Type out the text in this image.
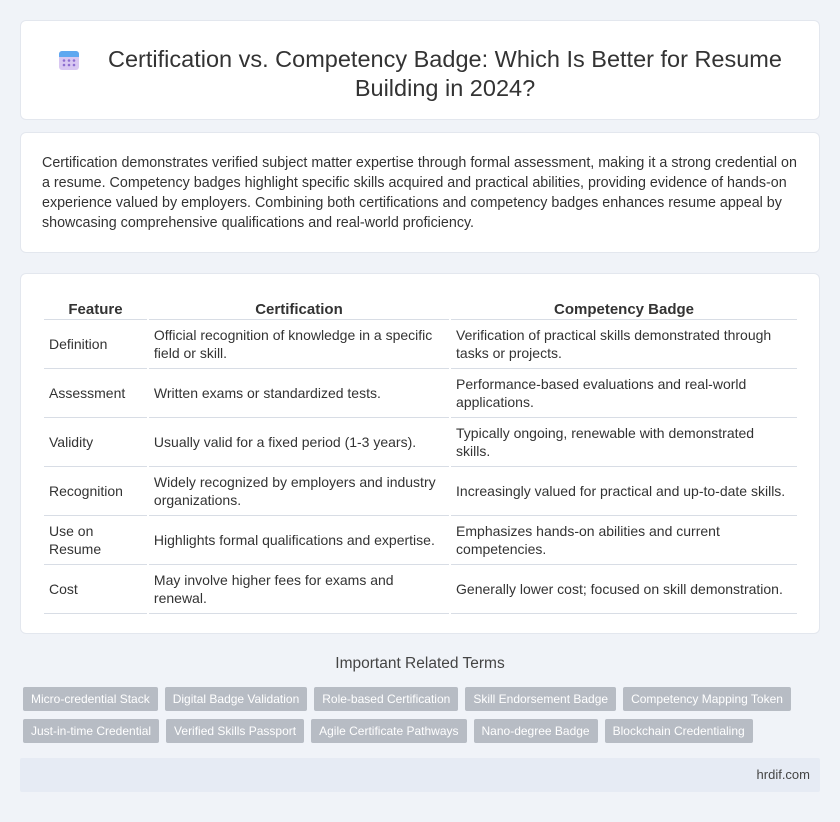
Certification vs. Competency Badge: Which Is Better for Resume Building in 2024?

Certification demonstrates verified subject matter expertise through formal assessment, making it a strong credential on a resume. Competency badges highlight specific skills acquired and practical abilities, providing evidence of hands-on experience valued by employers. Combining both certifications and competency badges enhances resume appeal by showcasing comprehensive qualifications and real-world proficiency.

Feature	Certification	Competency Badge
Definition	Official recognition of knowledge in a specific field or skill.	Verification of practical skills demonstrated through tasks or projects.
Assessment	Written exams or standardized tests.	Performance-based evaluations and real-world applications.
Validity	Usually valid for a fixed period (1-3 years).	Typically ongoing, renewable with demonstrated skills.
Recognition	Widely recognized by employers and industry organizations.	Increasingly valued for practical and up-to-date skills.
Use on Resume	Highlights formal qualifications and expertise.	Emphasizes hands-on abilities and current competencies.
Cost	May involve higher fees for exams and renewal.	Generally lower cost; focused on skill demonstration.
Important Related Terms
Micro-credential Stack	Digital Badge Validation	Role-based Certification	Skill Endorsement Badge	Competency Mapping Token
Just-in-time Credential	Verified Skills Passport	Agile Certificate Pathways	Nano-degree Badge	Blockchain Credentialing
hrdif.com
